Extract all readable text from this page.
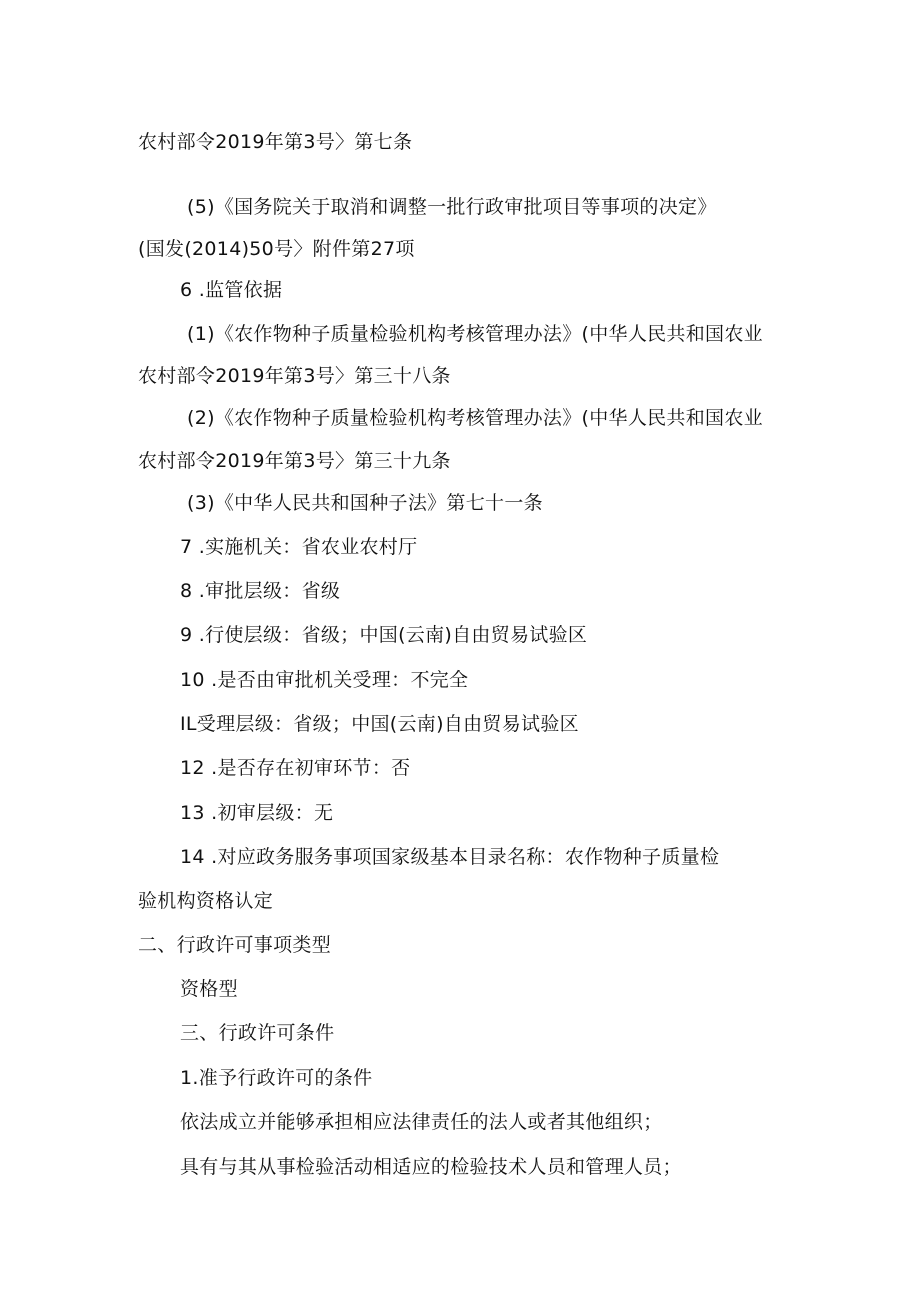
农村部令2019年第3号〉第七条
(5)《国务院关于取消和调整一批行政审批项目等事项的决定》
(国发(2014)50号〉附件第27项
6 .监管依据
(1)《农作物种子质量检验机构考核管理办法》(中华人民共和国农业
农村部令2019年第3号〉第三十八条
(2)《农作物种子质量检验机构考核管理办法》(中华人民共和国农业
农村部令2019年第3号〉第三十九条
(3)《中华人民共和国种子法》第七十一条
7 .实施机关：省农业农村厅
8 .审批层级：省级
9 .行使层级：省级；中国(云南)自由贸易试验区
10 .是否由审批机关受理：不完全
IL受理层级：省级；中国(云南)自由贸易试验区
12 .是否存在初审环节：否
13 .初审层级：无
14 .对应政务服务事项国家级基本目录名称：农作物种子质量检
验机构资格认定
二、行政许可事项类型
资格型
三、行政许可条件
1.准予行政许可的条件
依法成立并能够承担相应法律责任的法人或者其他组织；
具有与其从事检验活动相适应的检验技术人员和管理人员；
